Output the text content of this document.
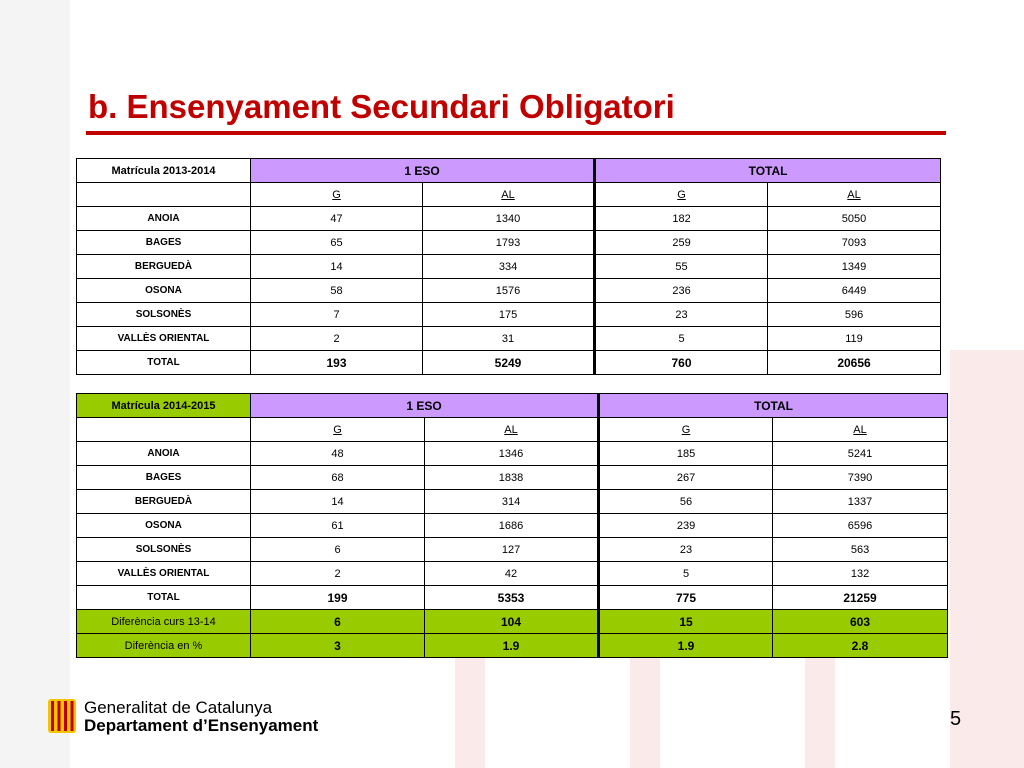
b. Ensenyament Secundari Obligatori
Matrícula 2013-2014	1 ESO		TOTAL	
	G	AL	G	AL
ANOIA	47	1340	182	5050
BAGES	65	1793	259	7093
BERGUEDÀ	14	334	55	1349
OSONA	58	1576	236	6449
SOLSONÈS	7	175	23	596
VALLÈS ORIENTAL	2	31	5	119
TOTAL	193	5249	760	20656
Matrícula 2014-2015	1 ESO		TOTAL	
	G	AL	G	AL
ANOIA	48	1346	185	5241
BAGES	68	1838	267	7390
BERGUEDÀ	14	314	56	1337
OSONA	61	1686	239	6596
SOLSONÈS	6	127	23	563
VALLÈS ORIENTAL	2	42	5	132
TOTAL	199	5353	775	21259
Diferència curs 13-14	6	104	15	603
Diferència en %	3	1.9	1.9	2.8
Generalitat de Catalunya
Departament d’Ensenyament	5
